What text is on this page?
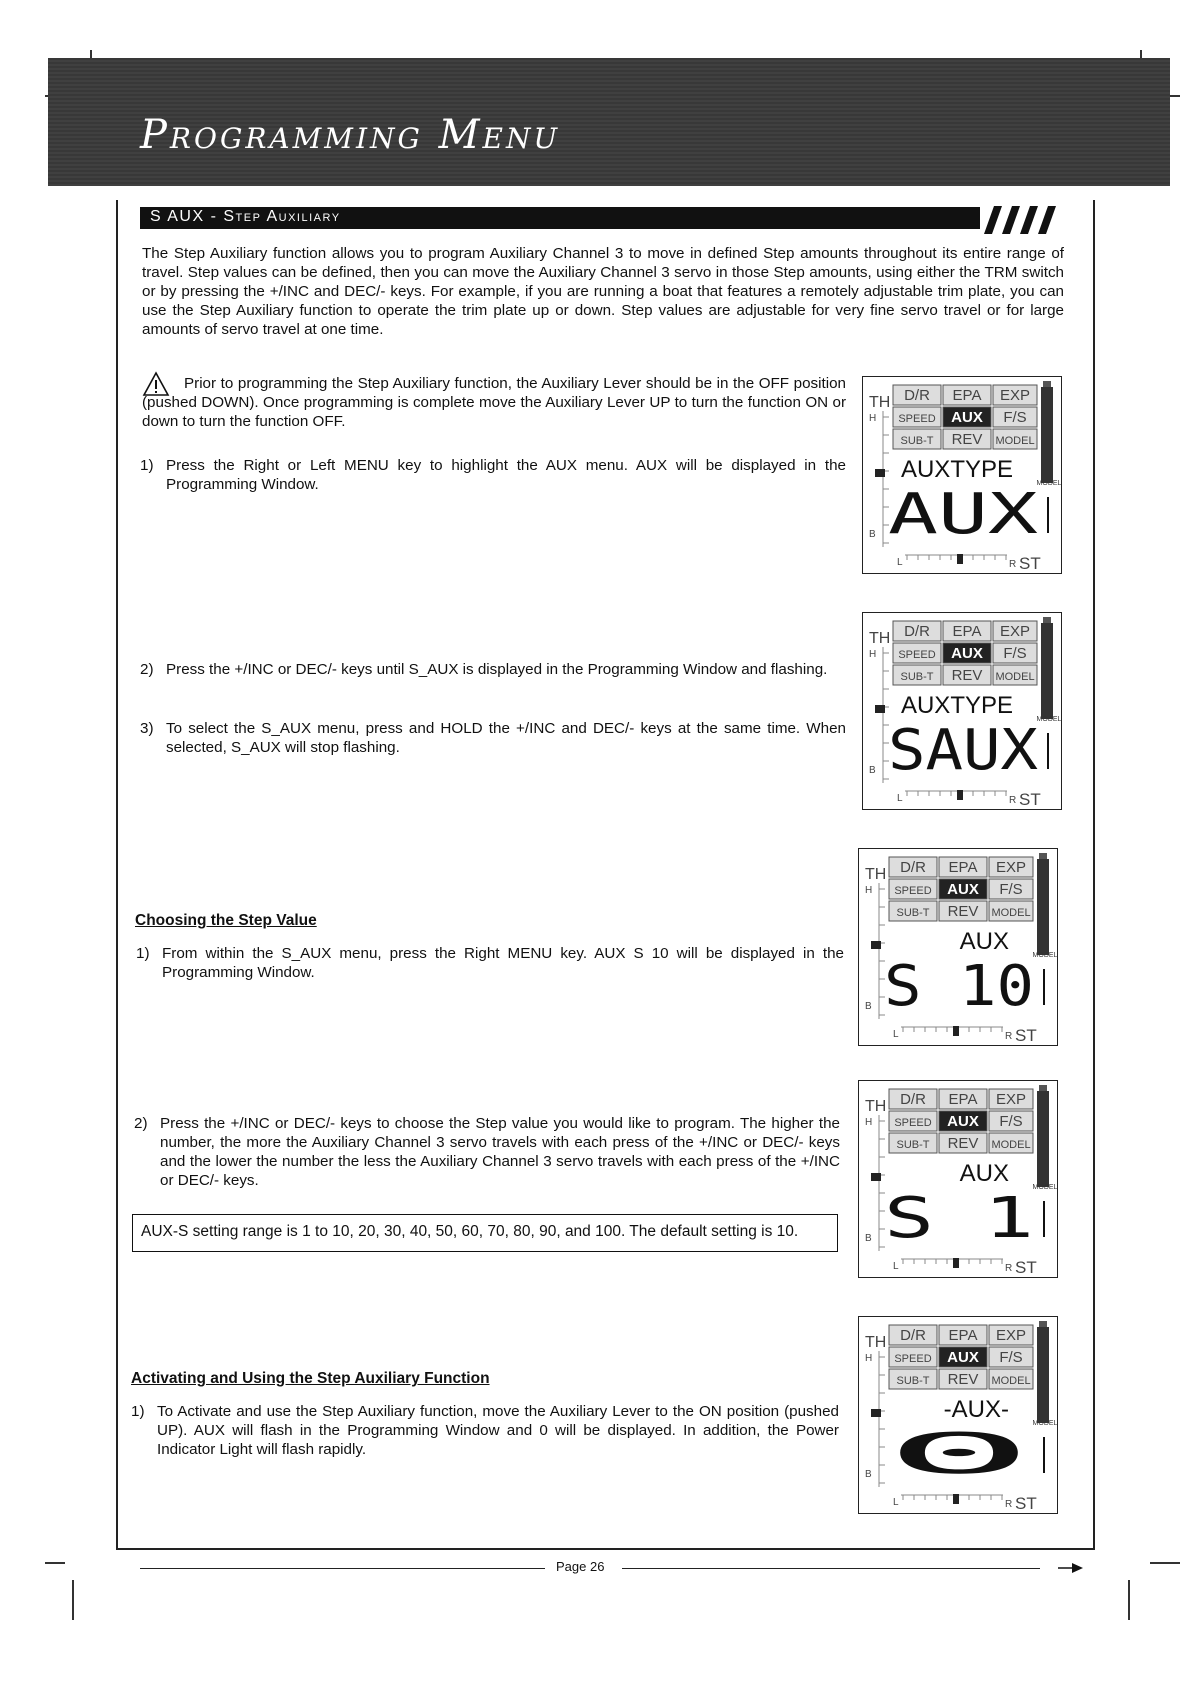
Programming Menu
S AUX - Step Auxiliary
The Step Auxiliary function allows you to program Auxiliary Channel 3 to move in defined Step amounts throughout its entire range of travel. Step values can be defined, then you can move the Auxiliary Channel 3 servo in those Step amounts, using either the TRM switch or by pressing the +/INC and DEC/- keys. For example, if you are running a boat that features a remotely adjustable trim plate, you can use the Step Auxiliary function to operate the trim plate up or down. Step values are adjustable for very fine servo travel or for large amounts of servo travel at one time.
Prior to programming the Step Auxiliary function, the Auxiliary Lever should be in the OFF position (pushed DOWN). Once programming is complete move the Auxiliary Lever UP to turn the function ON or down to turn the function OFF.
1) Press the Right or Left MENU key to highlight the AUX menu. AUX will be displayed in the Programming Window.
2) Press the +/INC or DEC/- keys until S_AUX is displayed in the Programming Window and flashing.
3) To select the S_AUX menu, press and HOLD the +/INC and DEC/- keys at the same time. When selected, S_AUX will stop flashing.
Choosing the Step Value
1) From within the S_AUX menu, press the Right MENU key. AUX S 10 will be displayed in the Programming Window.
2) Press the +/INC or DEC/- keys to choose the Step value you would like to program. The higher the number, the more the Auxiliary Channel 3 servo travels with each press of the +/INC or DEC/- keys and the lower the number the less the Auxiliary Channel 3 servo travels with each press of the +/INC or DEC/- keys.
AUX-S setting range is 1 to 10, 20, 30, 40, 50, 60, 70, 80, 90, and 100. The default setting is 10.
Activating and Using the Step Auxiliary Function
1) To Activate and use the Step Auxiliary function, move the Auxiliary Lever to the ON position (pushed UP). AUX will flash in the Programming Window and 0 will be displayed. In addition, the Power Indicator Light will flash rapidly.
D/R EPA EXP
SPEED AUX F/S
SUB-T REV MODEL
TH
H
B
AUXTYPE
MODEL
AUX
L	R ST
D/R EPA EXP
SPEED AUX F/S
SUB-T REV MODEL
TH
H
B
AUXTYPE
MODEL
SAUX
L	R ST
D/R EPA EXP
SPEED AUX F/S
SUB-T REV MODEL
TH
H
B
AUX
MODEL
S 10
L	R ST
D/R EPA EXP
SPEED AUX F/S
SUB-T REV MODEL
TH
H
B
AUX
MODEL
S 1
L	R ST
D/R EPA EXP
SPEED AUX F/S
SUB-T REV MODEL
TH
H
B
-AUX-
MODEL
0
L	R ST
Page 26
